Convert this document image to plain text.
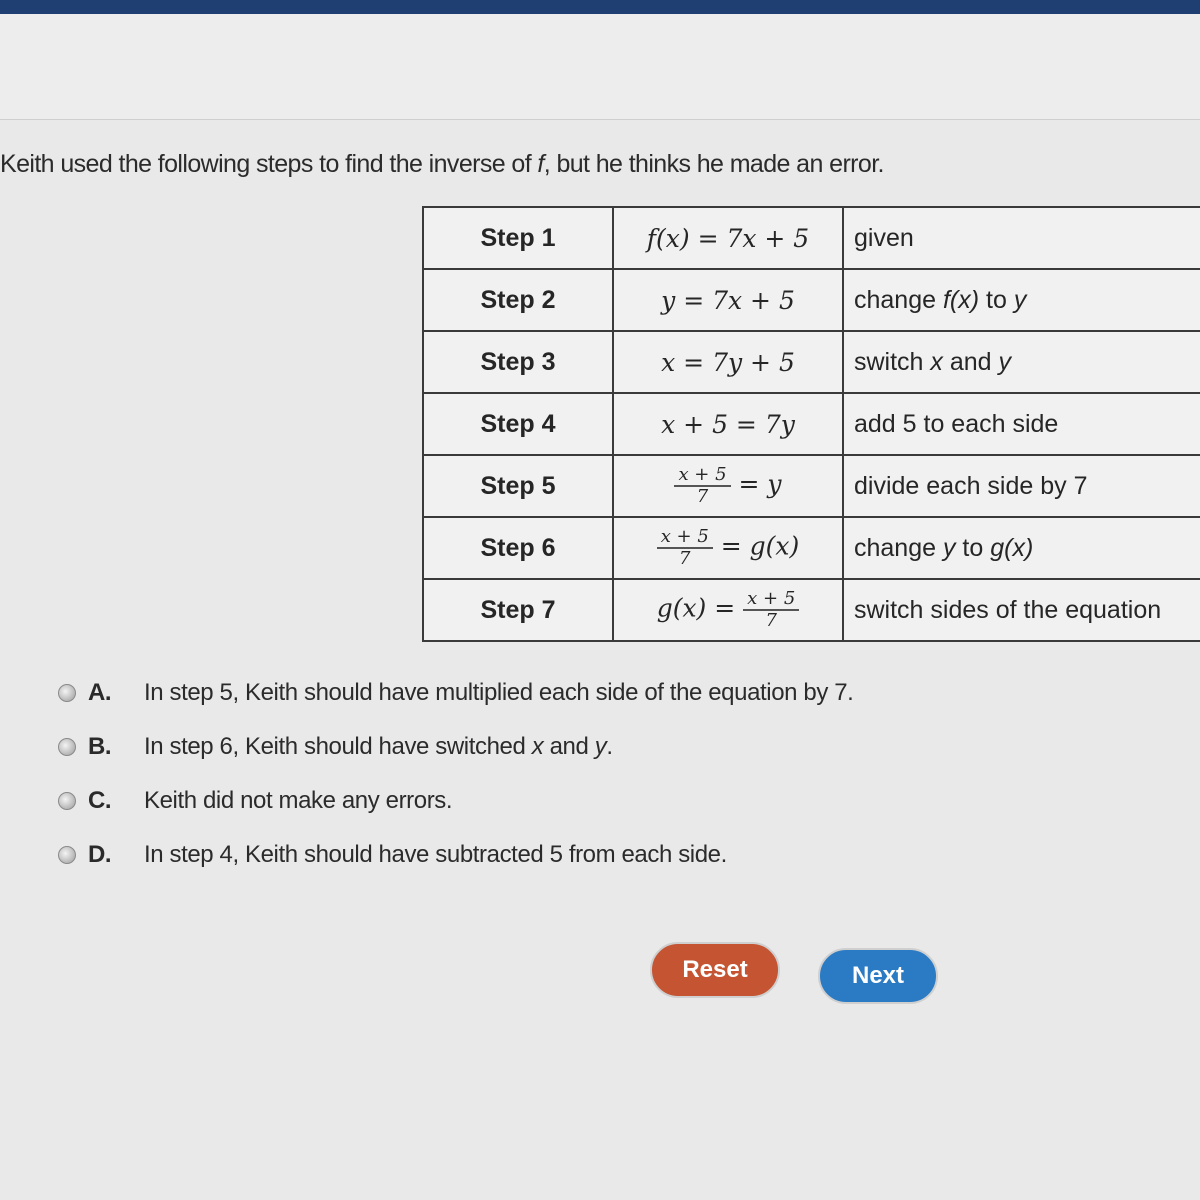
Keith used the following steps to find the inverse of f, but he thinks he made an error.

Step 1	f(x) = 7x + 5	given
Step 2	y = 7x + 5	change f(x) to y
Step 3	x = 7y + 5	switch x and y
Step 4	x + 5 = 7y	add 5 to each side
Step 5	$\frac{x + 5}{7} = y$	divide each side by 7
Step 6	$\frac{x + 5}{7} = g(x)$	change y to g(x)
Step 7	$g(x) = \frac{x + 5}{7}$	switch sides of the equation
A.	In step 5, Keith should have multiplied each side of the equation by 7.
B.	In step 6, Keith should have switched x and y.
C.	Keith did not make any errors.
D.	In step 4, Keith should have subtracted 5 from each side.
Reset	Next
